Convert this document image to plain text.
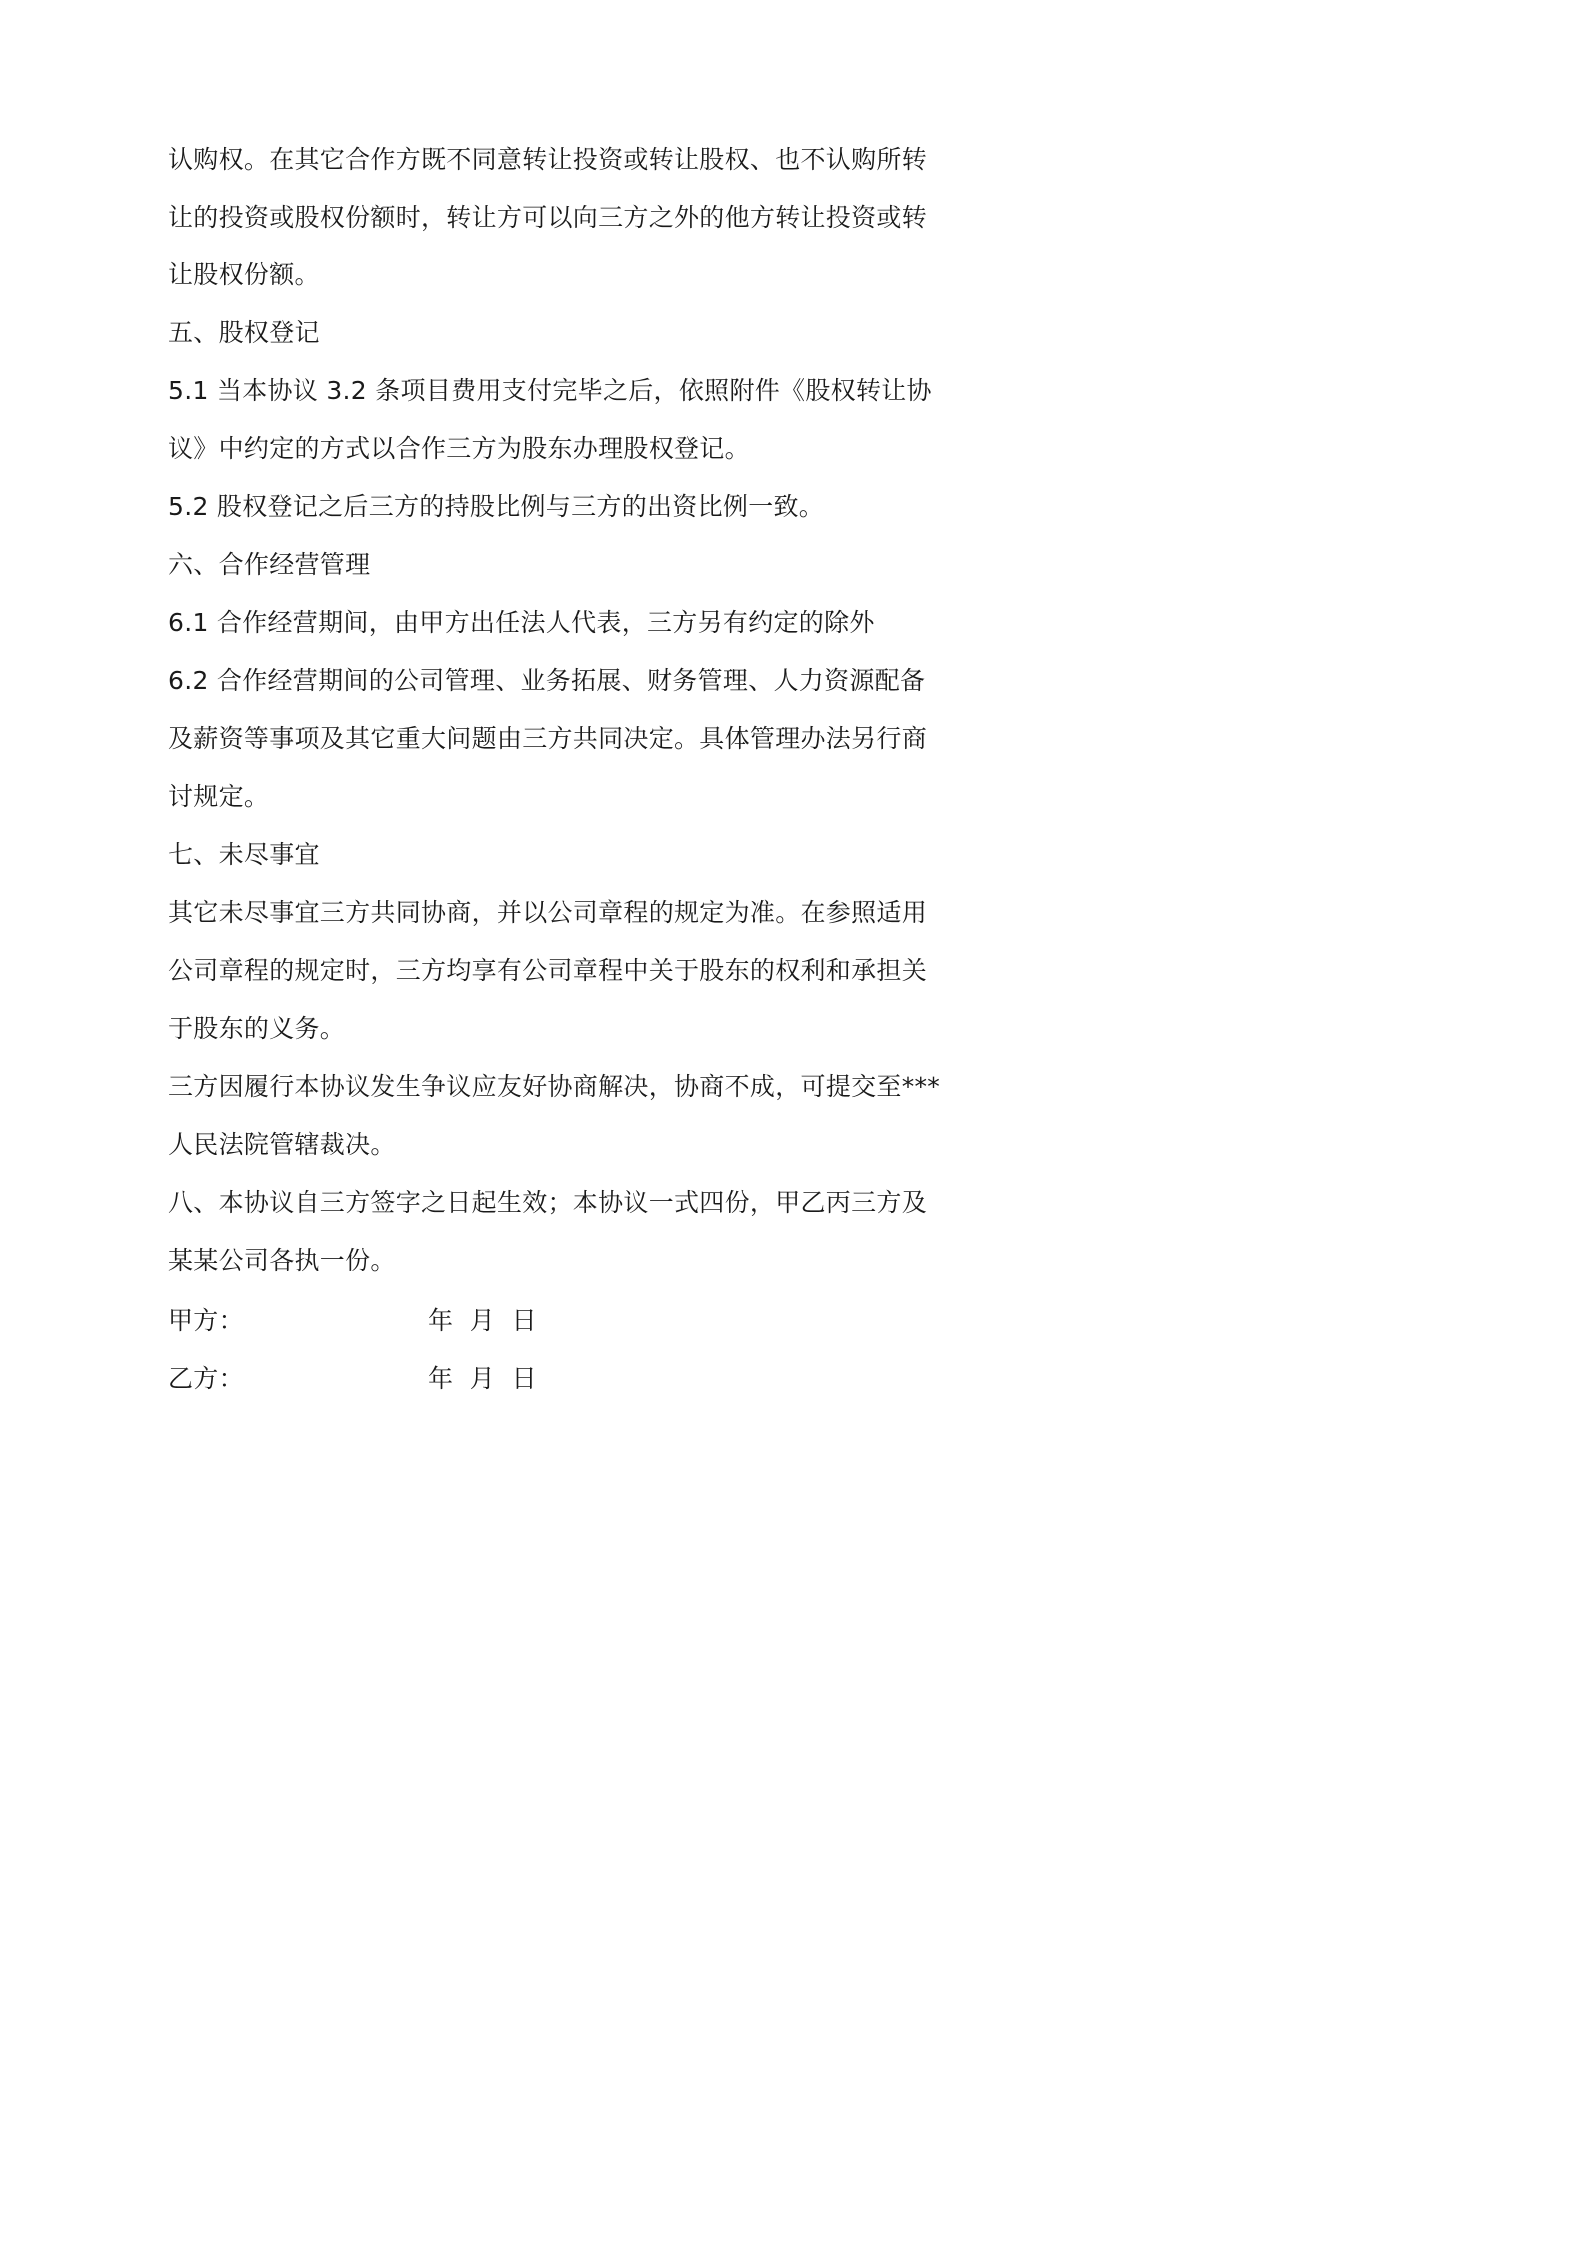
认购权。在其它合作方既不同意转让投资或转让股权、也不认购所转
让的投资或股权份额时，转让方可以向三方之外的他方转让投资或转
让股权份额。
五、股权登记
5.1 当本协议 3.2 条项目费用支付完毕之后，依照附件《股权转让协
议》中约定的方式以合作三方为股东办理股权登记。
5.2 股权登记之后三方的持股比例与三方的出资比例一致。
六、合作经营管理
6.1 合作经营期间，由甲方出任法人代表，三方另有约定的除外
6.2 合作经营期间的公司管理、业务拓展、财务管理、人力资源配备
及薪资等事项及其它重大问题由三方共同决定。具体管理办法另行商
讨规定。
七、未尽事宜
其它未尽事宜三方共同协商，并以公司章程的规定为准。在参照适用
公司章程的规定时，三方均享有公司章程中关于股东的权利和承担关
于股东的义务。
三方因履行本协议发生争议应友好协商解决，协商不成，可提交至***
人民法院管辖裁决。
八、本协议自三方签字之日起生效；本协议一式四份，甲乙丙三方及
某某公司各执一份。
甲方：	年  月  日
乙方：	年  月  日
